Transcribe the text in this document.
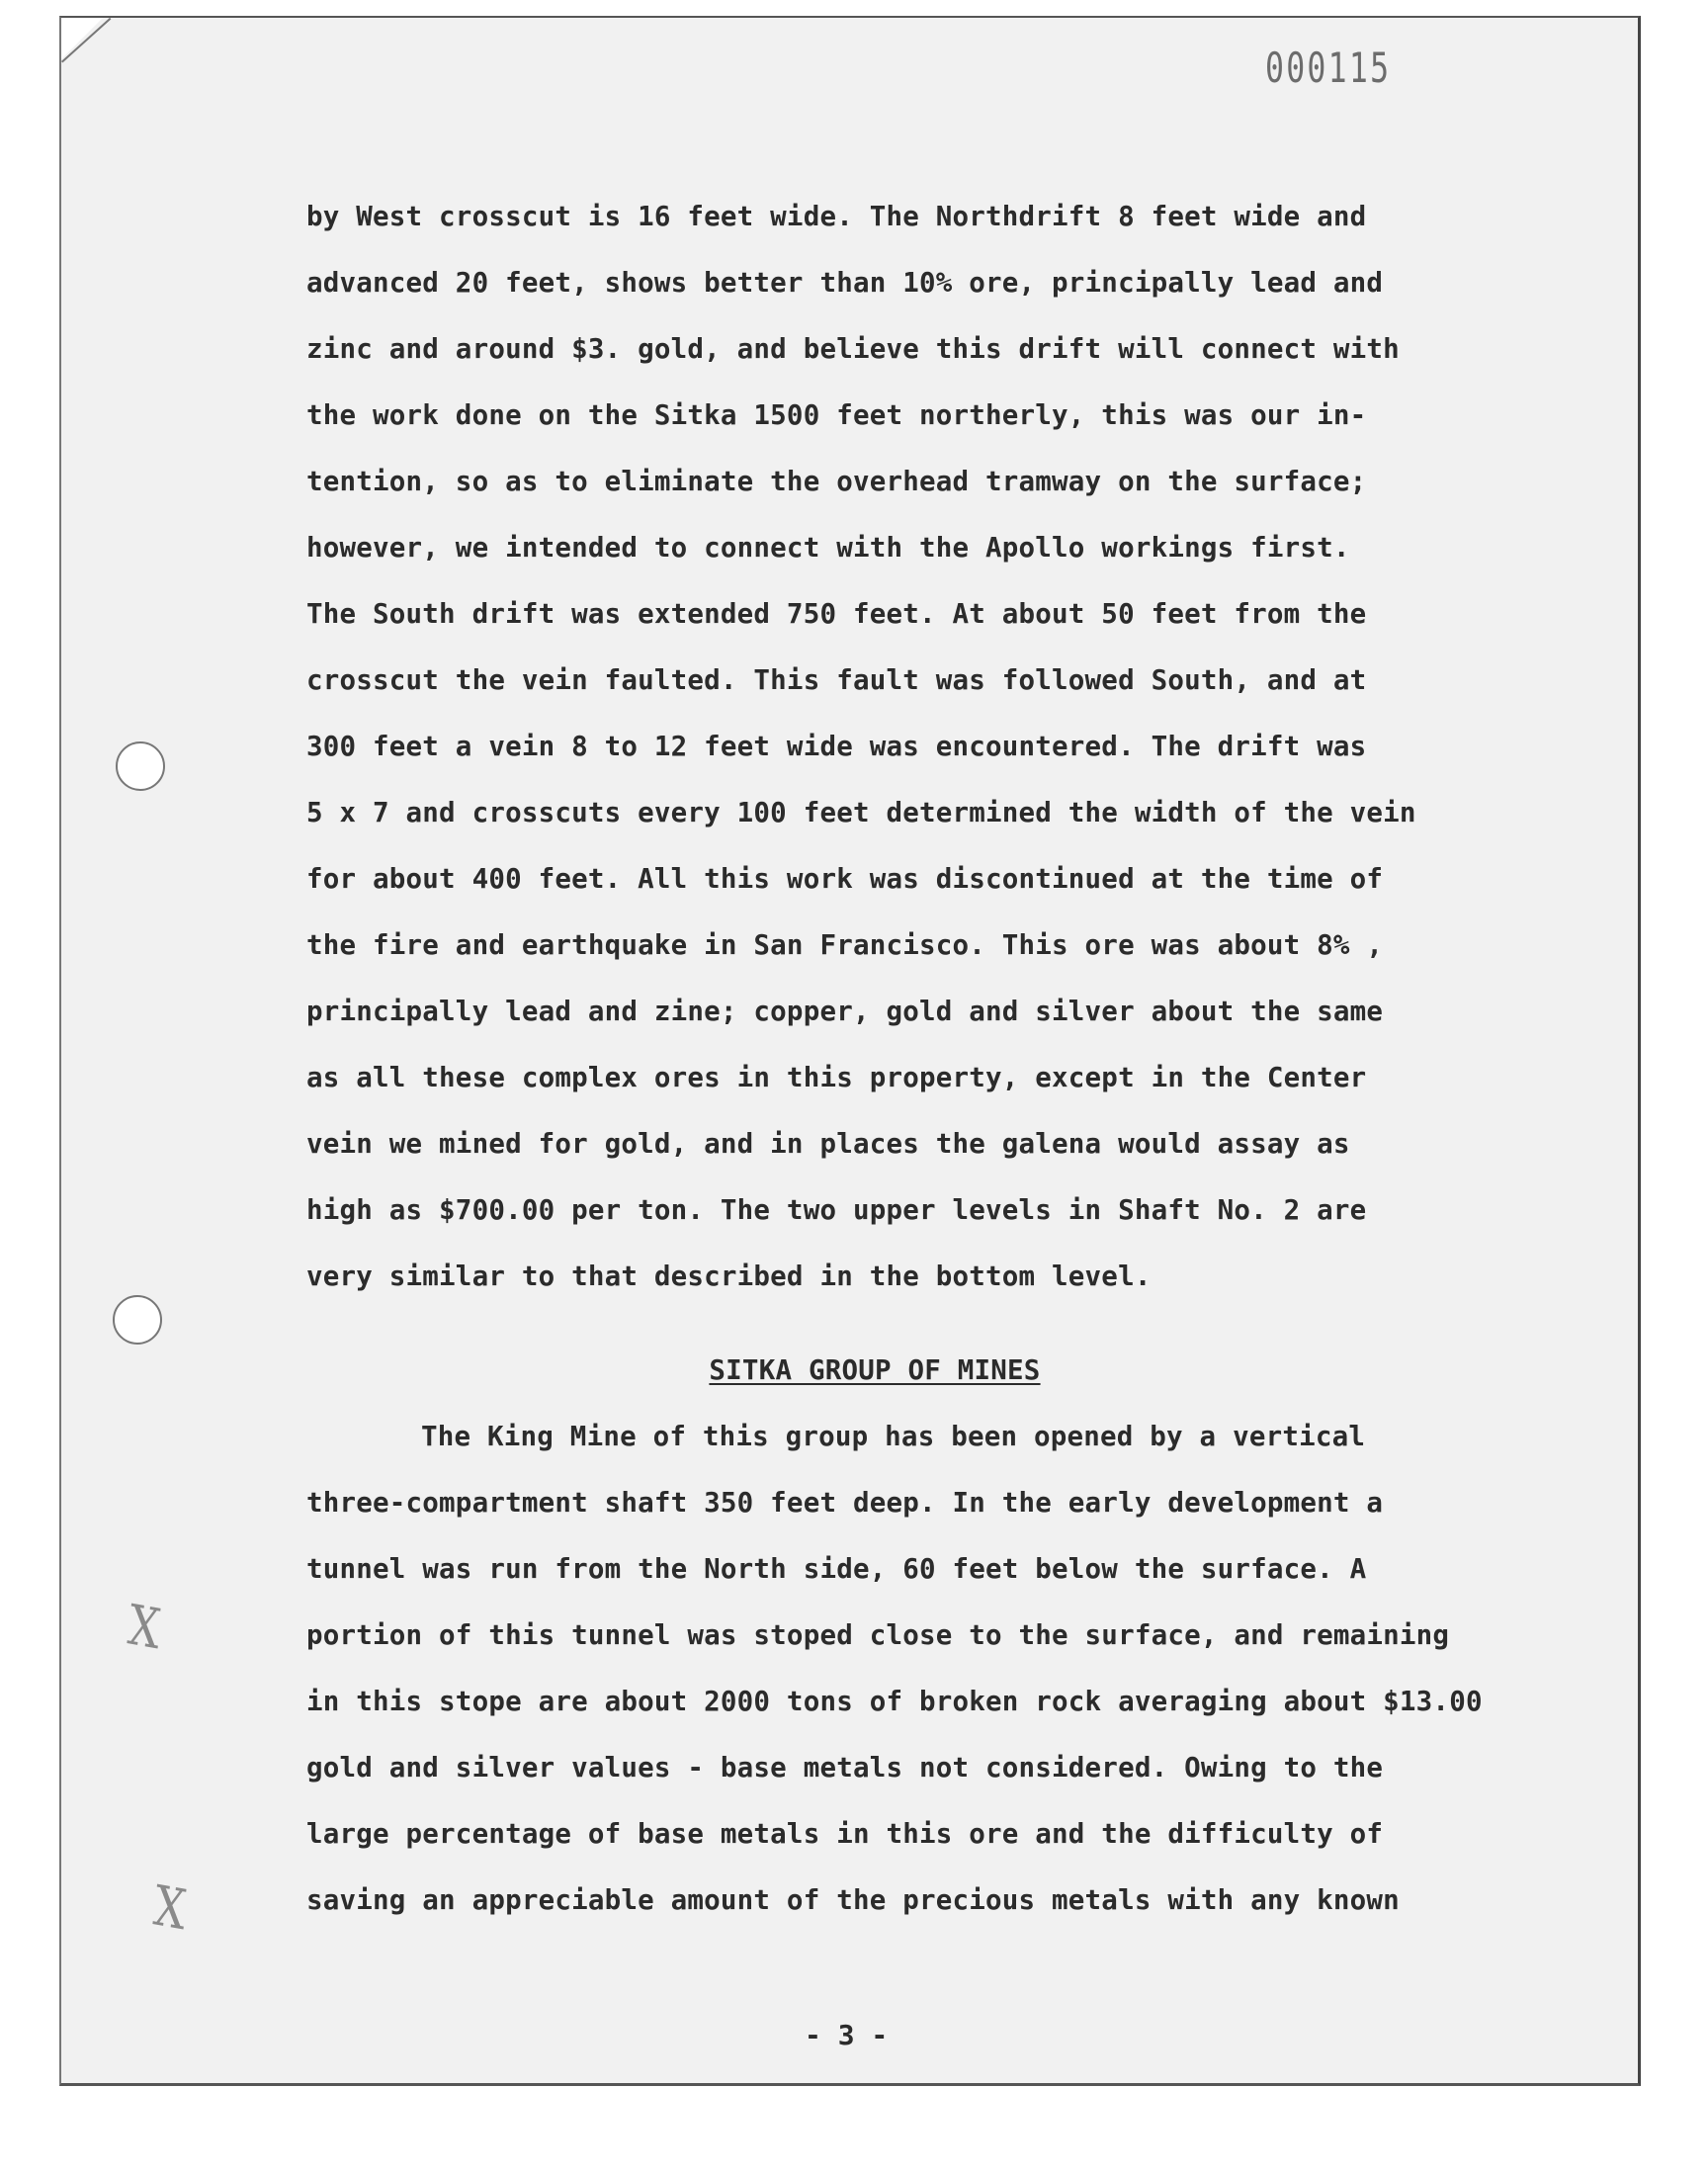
000115
X
X
by West crosscut is 16 feet wide. The Northdrift 8 feet wide and
advanced 20 feet, shows better than 10% ore, principally lead and
zinc and around $3. gold, and believe this drift will connect with
the work done on the Sitka 1500 feet northerly, this was our in-
tention, so as to eliminate the overhead tramway on the surface;
however, we intended to connect with the Apollo workings first.
The South drift was extended 750 feet. At about 50 feet from the
crosscut the vein faulted. This fault was followed South, and at
300 feet a vein 8 to 12 feet wide was encountered. The drift was
5 x 7 and crosscuts every 100 feet determined the width of the vein
for about 400 feet. All this work was discontinued at the time of
the fire and earthquake in San Francisco. This ore was about 8% ,
principally lead and zine; copper, gold and silver about the same
as all these complex ores in this property, except in the Center
vein we mined for gold, and in places the galena would assay as
high as $700.00 per ton. The two upper levels in Shaft No. 2 are
very similar to that described in the bottom level.
SITKA GROUP OF MINES
The King Mine of this group has been opened by a vertical
three-compartment shaft 350 feet deep. In the early development a
tunnel was run from the North side, 60 feet below the surface. A
portion of this tunnel was stoped close to the surface, and remaining
in this stope are about 2000 tons of broken rock averaging about $13.00
gold and silver values - base metals not considered. Owing to the
large percentage of base metals in this ore and the difficulty of
saving an appreciable amount of the precious metals with any known
- 3 -
